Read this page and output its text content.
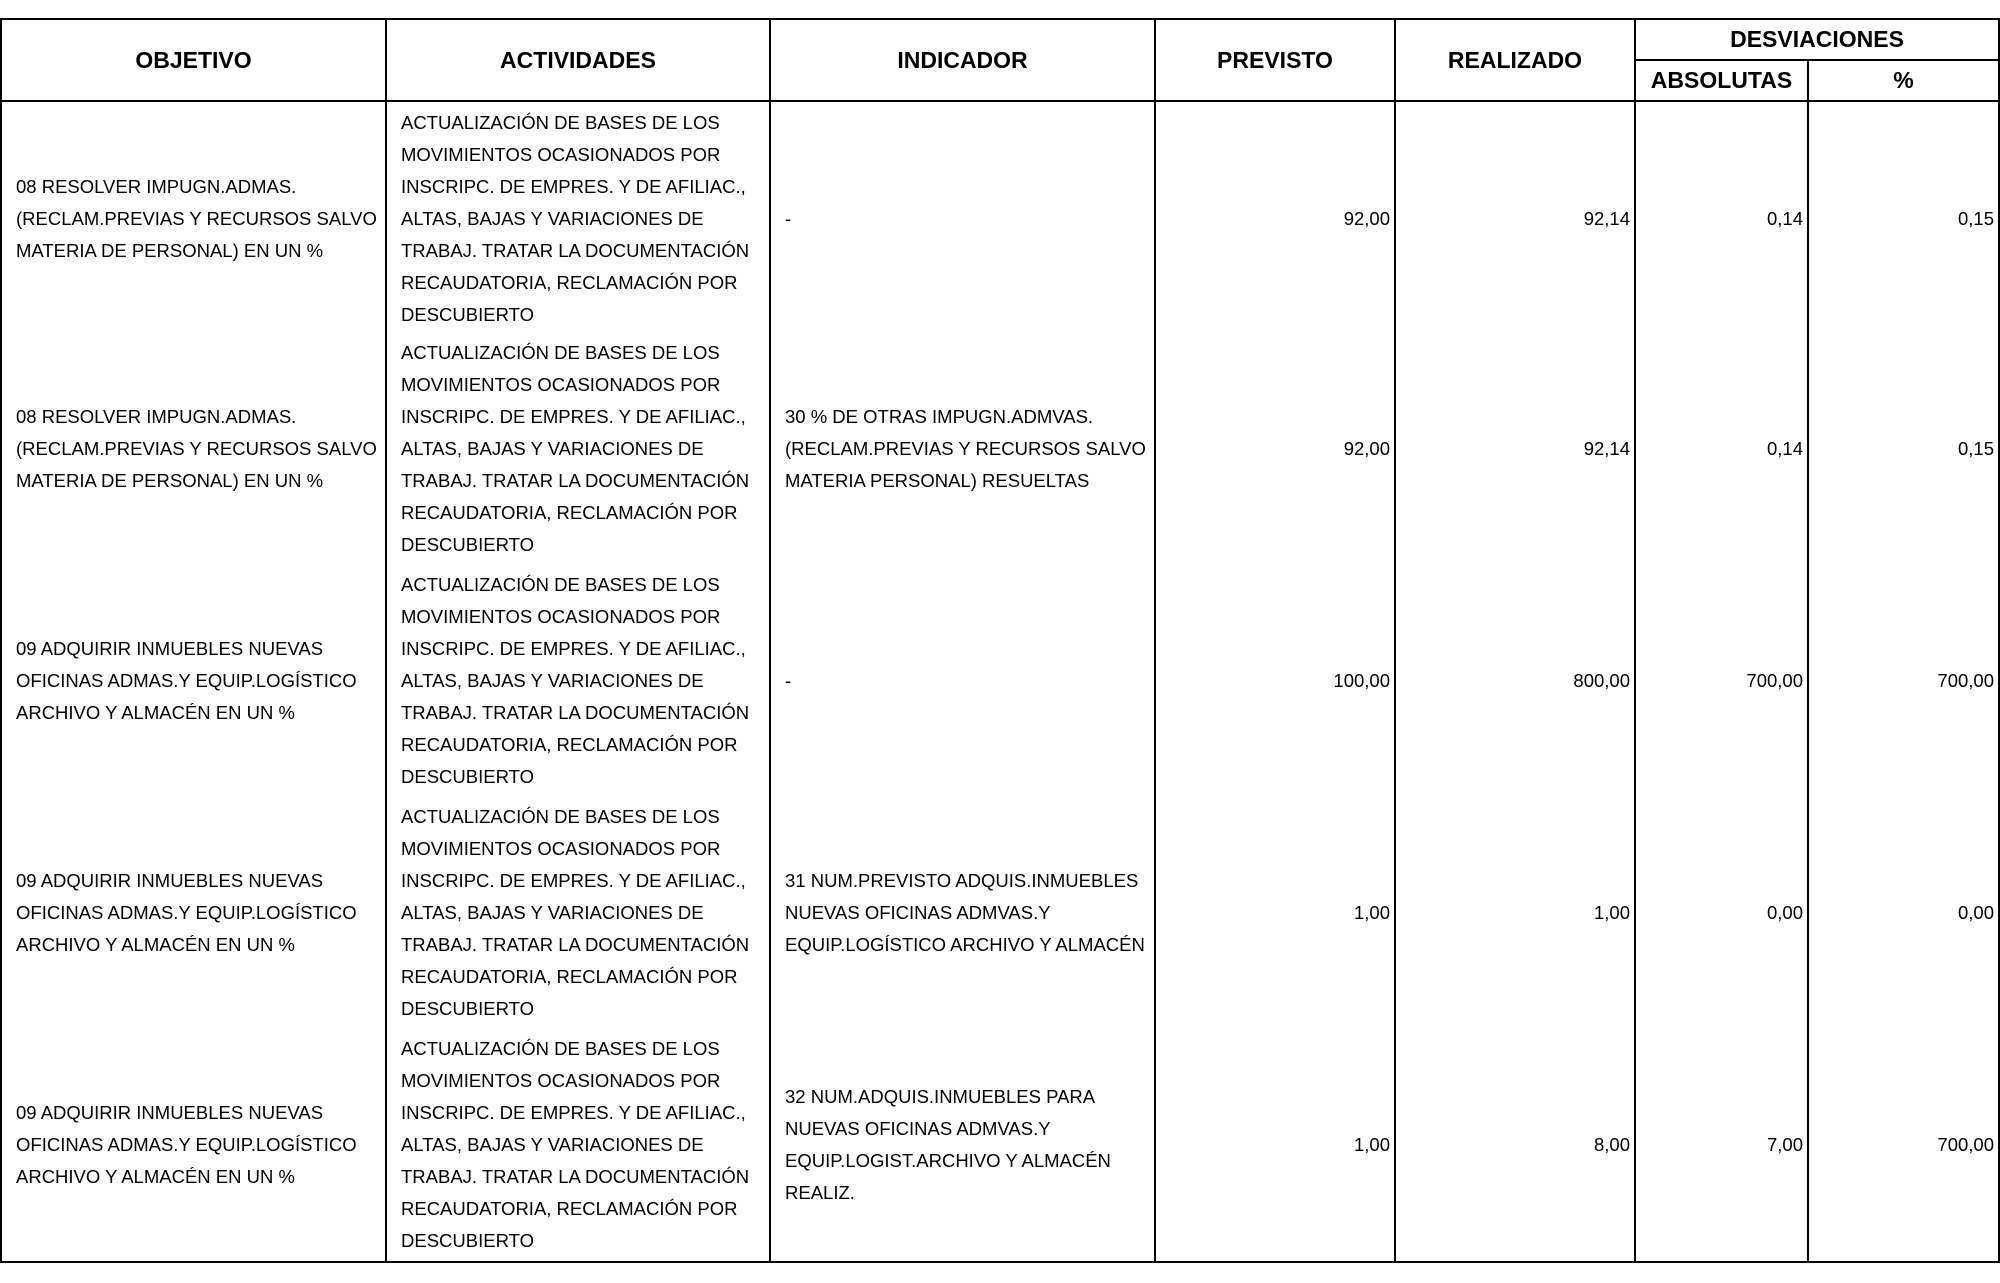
OBJETIVO	ACTIVIDADES	INDICADOR	PREVISTO	REALIZADO	DESVIACIONES	
					ABSOLUTAS	%
08 RESOLVER IMPUGN.ADMAS. (RECLAM.PREVIAS Y RECURSOS SALVO MATERIA DE PERSONAL) EN UN %	ACTUALIZACIÓN DE BASES DE LOS MOVIMIENTOS OCASIONADOS POR INSCRIPC. DE EMPRES. Y DE AFILIAC., ALTAS, BAJAS Y VARIACIONES DE TRABAJ. TRATAR LA DOCUMENTACIÓN RECAUDATORIA, RECLAMACIÓN POR DESCUBIERTO	-	92,00	92,14	0,14	0,15
08 RESOLVER IMPUGN.ADMAS. (RECLAM.PREVIAS Y RECURSOS SALVO MATERIA DE PERSONAL) EN UN %	ACTUALIZACIÓN DE BASES DE LOS MOVIMIENTOS OCASIONADOS POR INSCRIPC. DE EMPRES. Y DE AFILIAC., ALTAS, BAJAS Y VARIACIONES DE TRABAJ. TRATAR LA DOCUMENTACIÓN RECAUDATORIA, RECLAMACIÓN POR DESCUBIERTO	30 % DE OTRAS IMPUGN.ADMVAS. (RECLAM.PREVIAS Y RECURSOS SALVO MATERIA PERSONAL) RESUELTAS	92,00	92,14	0,14	0,15
09 ADQUIRIR INMUEBLES NUEVAS OFICINAS ADMAS.Y EQUIP.LOGÍSTICO ARCHIVO Y ALMACÉN EN UN %	ACTUALIZACIÓN DE BASES DE LOS MOVIMIENTOS OCASIONADOS POR INSCRIPC. DE EMPRES. Y DE AFILIAC., ALTAS, BAJAS Y VARIACIONES DE TRABAJ. TRATAR LA DOCUMENTACIÓN RECAUDATORIA, RECLAMACIÓN POR DESCUBIERTO	-	100,00	800,00	700,00	700,00
09 ADQUIRIR INMUEBLES NUEVAS OFICINAS ADMAS.Y EQUIP.LOGÍSTICO ARCHIVO Y ALMACÉN EN UN %	ACTUALIZACIÓN DE BASES DE LOS MOVIMIENTOS OCASIONADOS POR INSCRIPC. DE EMPRES. Y DE AFILIAC., ALTAS, BAJAS Y VARIACIONES DE TRABAJ. TRATAR LA DOCUMENTACIÓN RECAUDATORIA, RECLAMACIÓN POR DESCUBIERTO	31 NUM.PREVISTO ADQUIS.INMUEBLES NUEVAS OFICINAS ADMVAS.Y EQUIP.LOGÍSTICO ARCHIVO Y ALMACÉN	1,00	1,00	0,00	0,00
09 ADQUIRIR INMUEBLES NUEVAS OFICINAS ADMAS.Y EQUIP.LOGÍSTICO ARCHIVO Y ALMACÉN EN UN %	ACTUALIZACIÓN DE BASES DE LOS MOVIMIENTOS OCASIONADOS POR INSCRIPC. DE EMPRES. Y DE AFILIAC., ALTAS, BAJAS Y VARIACIONES DE TRABAJ. TRATAR LA DOCUMENTACIÓN RECAUDATORIA, RECLAMACIÓN POR DESCUBIERTO	32 NUM.ADQUIS.INMUEBLES PARA NUEVAS OFICINAS ADMVAS.Y EQUIP.LOGIST.ARCHIVO Y ALMACÉN REALIZ.	1,00	8,00	7,00	700,00
